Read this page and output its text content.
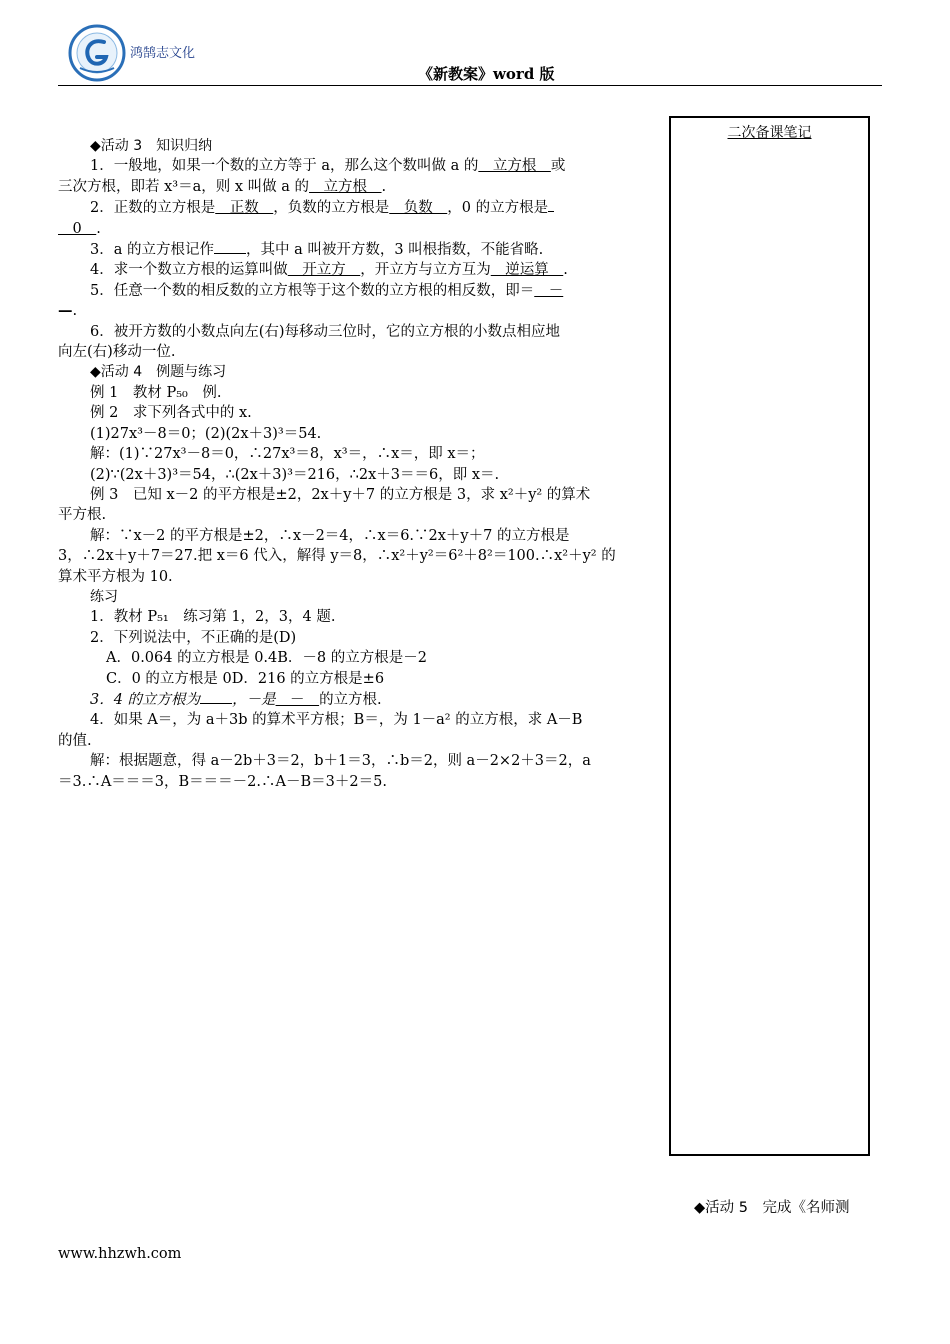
鸿鹄志文化
《新教案》word 版
二次备课笔记

◆活动 3　知识归纳

1．一般地，如果一个数的立方等于 a，那么这个数叫做 a 的　立方根　或

三次方根，即若 x³＝a，则 x 叫做 a 的　立方根　.

2．正数的立方根是　正数　，负数的立方根是　负数　，0 的立方根是

　0　.

3．a 的立方根记作 ，其中 a 叫被开方数，3 叫根指数，不能省略.

4．求一个数立方根的运算叫做　开立方　，开立方与立方互为　逆运算　.

5．任意一个数的相反数的立方根等于这个数的立方根的相反数，即＝　－

—.

6．被开方数的小数点向左(右)每移动三位时，它的立方根的小数点相应地

向左(右)移动一位.

◆活动 4　例题与练习

例 1　教材 P₅₀　例.

例 2　求下列各式中的 x.

(1)27x³－8＝0；(2)(2x＋3)³＝54.

解：(1)∵27x³－8＝0，∴27x³＝8，x³＝，∴x＝，即 x＝；

(2)∵(2x＋3)³＝54，∴(2x＋3)³＝216，∴2x＋3＝＝6，即 x＝.

例 3　已知 x－2 的平方根是±2，2x＋y＋7 的立方根是 3，求 x²＋y² 的算术

平方根.

解：∵x－2 的平方根是±2，∴x－2＝4，∴x＝6.∵2x＋y＋7 的立方根是

3，∴2x＋y＋7＝27.把 x＝6 代入，解得 y＝8，∴x²＋y²＝6²＋8²＝100.∴x²＋y² 的

算术平方根为 10.

练习

1．教材 P₅₁　练习第 1，2，3，4 题.

2．下列说法中，不正确的是(D)

A．0.064 的立方根是 0.4B．－8 的立方根是－2

C．0 的立方根是 0D．216 的立方根是±6

3．4 的立方根为 ，－是　－　的立方根.

4．如果 A＝，为 a＋3b 的算术平方根；B＝，为 1－a² 的立方根，求 A－B

的值.

解：根据题意，得 a－2b＋3＝2，b＋1＝3，∴b＝2，则 a－2×2＋3＝2，a

＝3.∴A＝＝＝3，B＝＝＝－2.∴A－B＝3＋2＝5.

◆活动 5　完成《名师测
www.hhzwh.com
